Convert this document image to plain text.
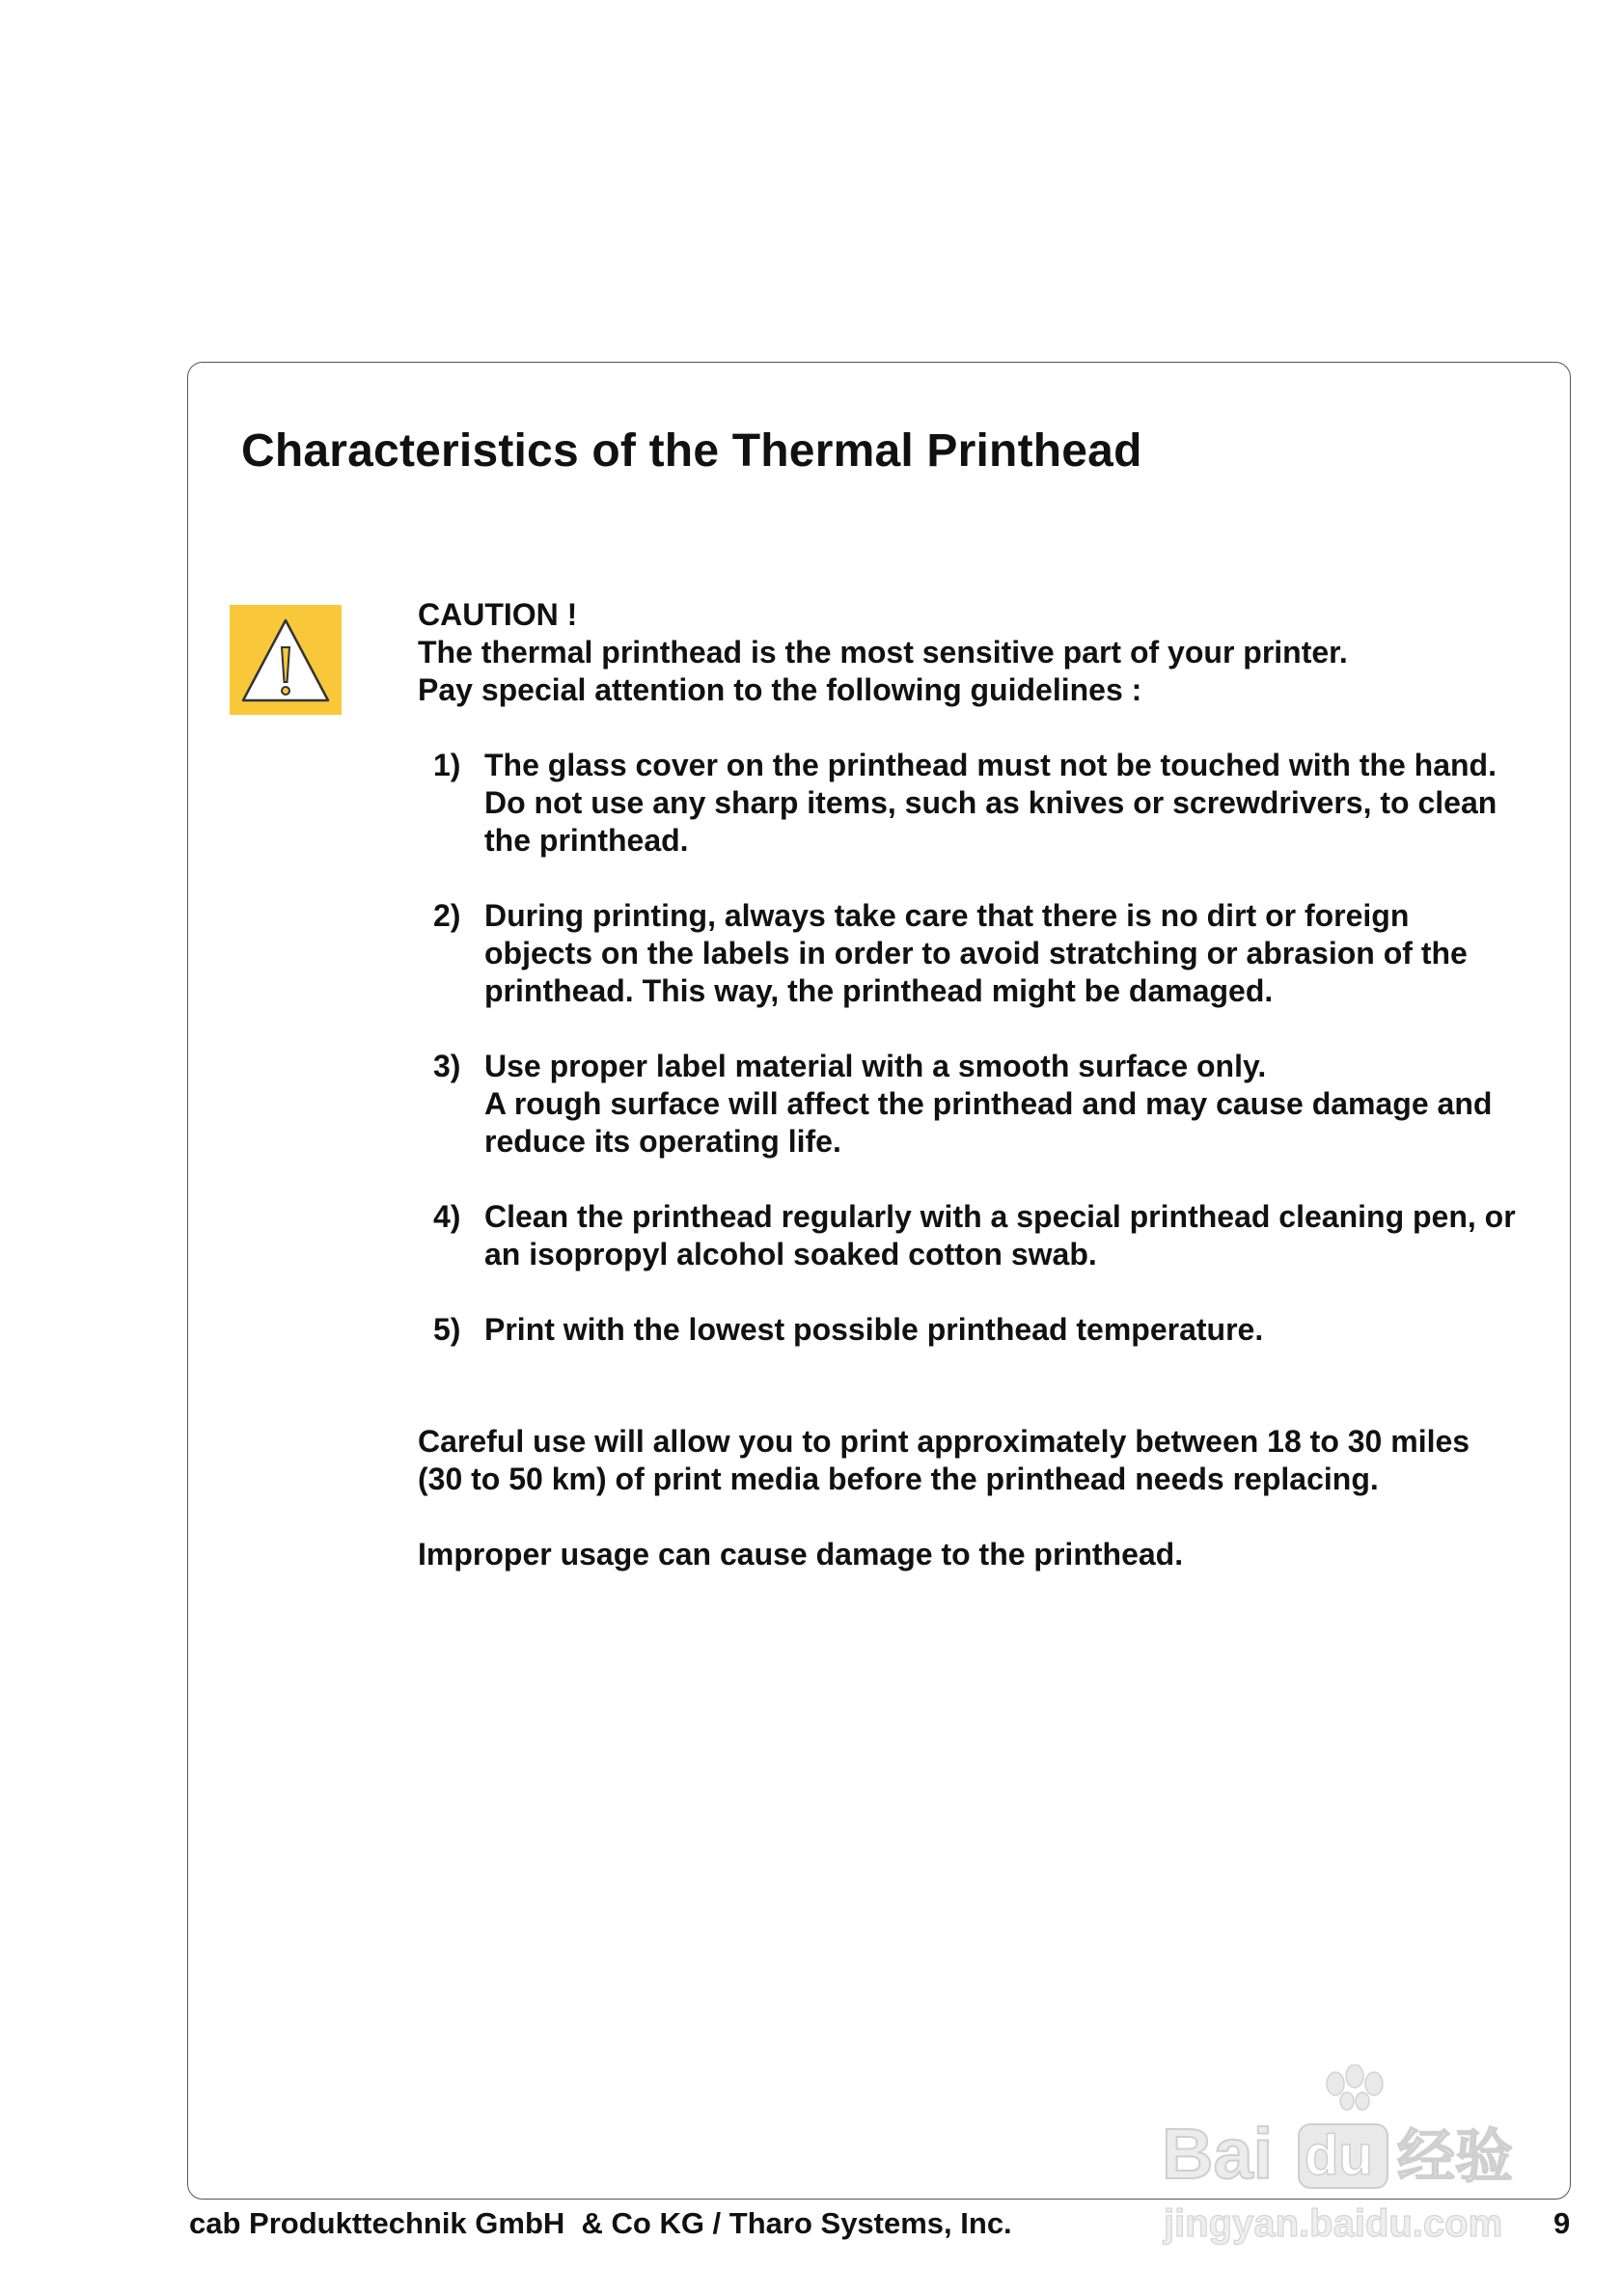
Characteristics of the Thermal Printhead

CAUTION !

The thermal printhead is the most sensitive part of your printer.

Pay special attention to the following guidelines :

1) The glass cover on the printhead must not be touched with the hand.
Do not use any sharp items, such as knives or screwdrivers, to clean
the printhead.
2) During printing, always take care that there is no dirt or foreign
objects on the labels in order to avoid stratching or abrasion of the
printhead. This way, the printhead might be damaged.
3) Use proper label material with a smooth surface only.
A rough surface will affect the printhead and may cause damage and
reduce its operating life.
4) Clean the printhead regularly with a special printhead cleaning pen, or
an isopropyl alcohol soaked cotton swab.
5) Print with the lowest possible printhead temperature.

Careful use will allow you to print approximately between 18 to 30 miles
(30 to 50 km) of print media before the printhead needs replacing.

Improper usage can cause damage to the printhead.

Bai du 经验
jingyan.baidu.com
cab Produkttechnik GmbH  & Co KG / Tharo Systems, Inc.	9
